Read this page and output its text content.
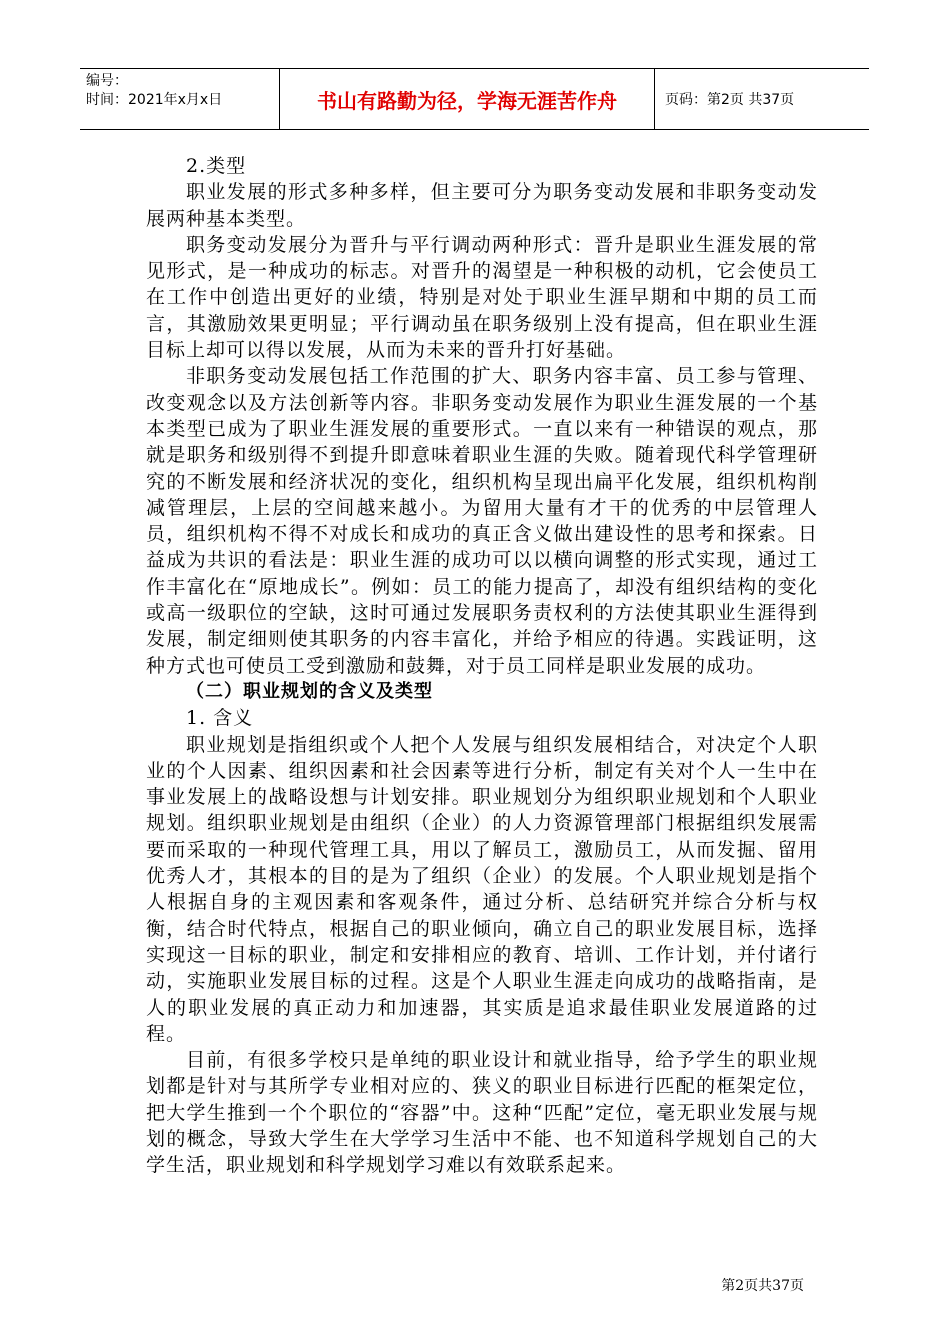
编号：
时间：2021年x月x日	书山有路勤为径，学海无涯苦作舟	页码：第2页 共37页

2.类型

职业发展的形式多种多样，但主要可分为职务变动发展和非职务变动发展两种基本类型。

职务变动发展分为晋升与平行调动两种形式：晋升是职业生涯发展的常见形式，是一种成功的标志。对晋升的渴望是一种积极的动机，它会使员工在工作中创造出更好的业绩，特别是对处于职业生涯早期和中期的员工而言，其激励效果更明显；平行调动虽在职务级别上没有提高，但在职业生涯目标上却可以得以发展，从而为未来的晋升打好基础。

非职务变动发展包括工作范围的扩大、职务内容丰富、员工参与管理、改变观念以及方法创新等内容。非职务变动发展作为职业生涯发展的一个基本类型已成为了职业生涯发展的重要形式。一直以来有一种错误的观点，那就是职务和级别得不到提升即意味着职业生涯的失败。随着现代科学管理研究的不断发展和经济状况的变化，组织机构呈现出扁平化发展，组织机构削减管理层，上层的空间越来越小。为留用大量有才干的优秀的中层管理人员，组织机构不得不对成长和成功的真正含义做出建设性的思考和探索。日益成为共识的看法是：职业生涯的成功可以以横向调整的形式实现，通过工作丰富化在“原地成长”。例如：员工的能力提高了，却没有组织结构的变化或高一级职位的空缺，这时可通过发展职务责权利的方法使其职业生涯得到发展，制定细则使其职务的内容丰富化，并给予相应的待遇。实践证明，这种方式也可使员工受到激励和鼓舞，对于员工同样是职业发展的成功。

（二）职业规划的含义及类型

1. 含义

职业规划是指组织或个人把个人发展与组织发展相结合，对决定个人职业的个人因素、组织因素和社会因素等进行分析，制定有关对个人一生中在事业发展上的战略设想与计划安排。职业规划分为组织职业规划和个人职业规划。组织职业规划是由组织（企业）的人力资源管理部门根据组织发展需要而采取的一种现代管理工具，用以了解员工，激励员工，从而发掘、留用优秀人才，其根本的目的是为了组织（企业）的发展。个人职业规划是指个人根据自身的主观因素和客观条件，通过分析、总结研究并综合分析与权衡，结合时代特点，根据自己的职业倾向，确立自己的职业发展目标，选择实现这一目标的职业，制定和安排相应的教育、培训、工作计划，并付诸行动，实施职业发展目标的过程。这是个人职业生涯走向成功的战略指南，是人的职业发展的真正动力和加速器，其实质是追求最佳职业发展道路的过程。

目前，有很多学校只是单纯的职业设计和就业指导，给予学生的职业规划都是针对与其所学专业相对应的、狭义的职业目标进行匹配的框架定位，把大学生推到一个个职位的“容器”中。这种“匹配”定位，毫无职业发展与规划的概念，导致大学生在大学学习生活中不能、也不知道科学规划自己的大学生活，职业规划和科学规划学习难以有效联系起来。

第2页共37页
